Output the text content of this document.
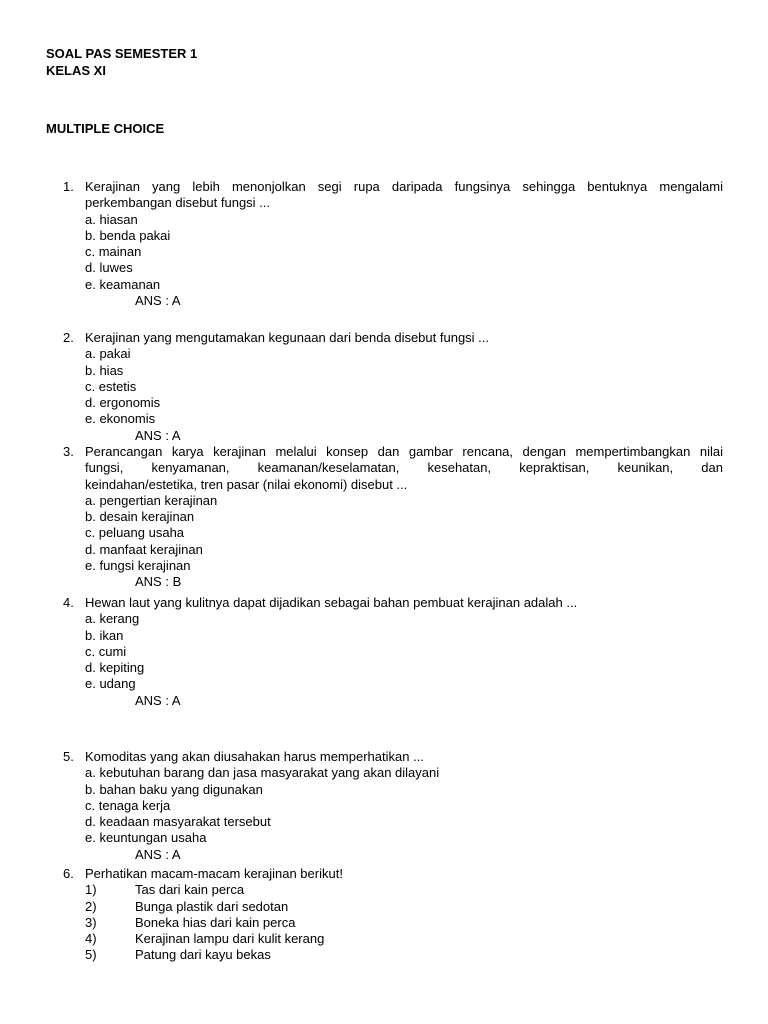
SOAL PAS SEMESTER 1
KELAS XI
MULTIPLE CHOICE
1. Kerajinan yang lebih menonjolkan segi rupa daripada fungsinya sehingga bentuknya mengalami
perkembangan disebut fungsi ...
a. hiasan
b. benda pakai
c. mainan
d. luwes
e. keamanan
ANS : A
2. Kerajinan yang mengutamakan kegunaan dari benda disebut fungsi ...
a. pakai
b. hias
c. estetis
d. ergonomis
e. ekonomis
ANS : A
3. Perancangan karya kerajinan melalui konsep dan gambar rencana, dengan mempertimbangkan nilai
fungsi, kenyamanan, keamanan/keselamatan, kesehatan, kepraktisan, keunikan, dan
keindahan/estetika, tren pasar (nilai ekonomi) disebut ...
a. pengertian kerajinan
b. desain kerajinan
c. peluang usaha
d. manfaat kerajinan
e. fungsi kerajinan
ANS : B
4. Hewan laut yang kulitnya dapat dijadikan sebagai bahan pembuat kerajinan adalah ...
a. kerang
b. ikan
c. cumi
d. kepiting
e. udang
ANS : A
5. Komoditas yang akan diusahakan harus memperhatikan ...
a. kebutuhan barang dan jasa masyarakat yang akan dilayani
b. bahan baku yang digunakan
c. tenaga kerja
d. keadaan masyarakat tersebut
e. keuntungan usaha
ANS : A
6. Perhatikan macam-macam kerajinan berikut!
1)	Tas dari kain perca
2)	Bunga plastik dari sedotan
3)	Boneka hias dari kain perca
4)	Kerajinan lampu dari kulit kerang
5)	Patung dari kayu bekas
